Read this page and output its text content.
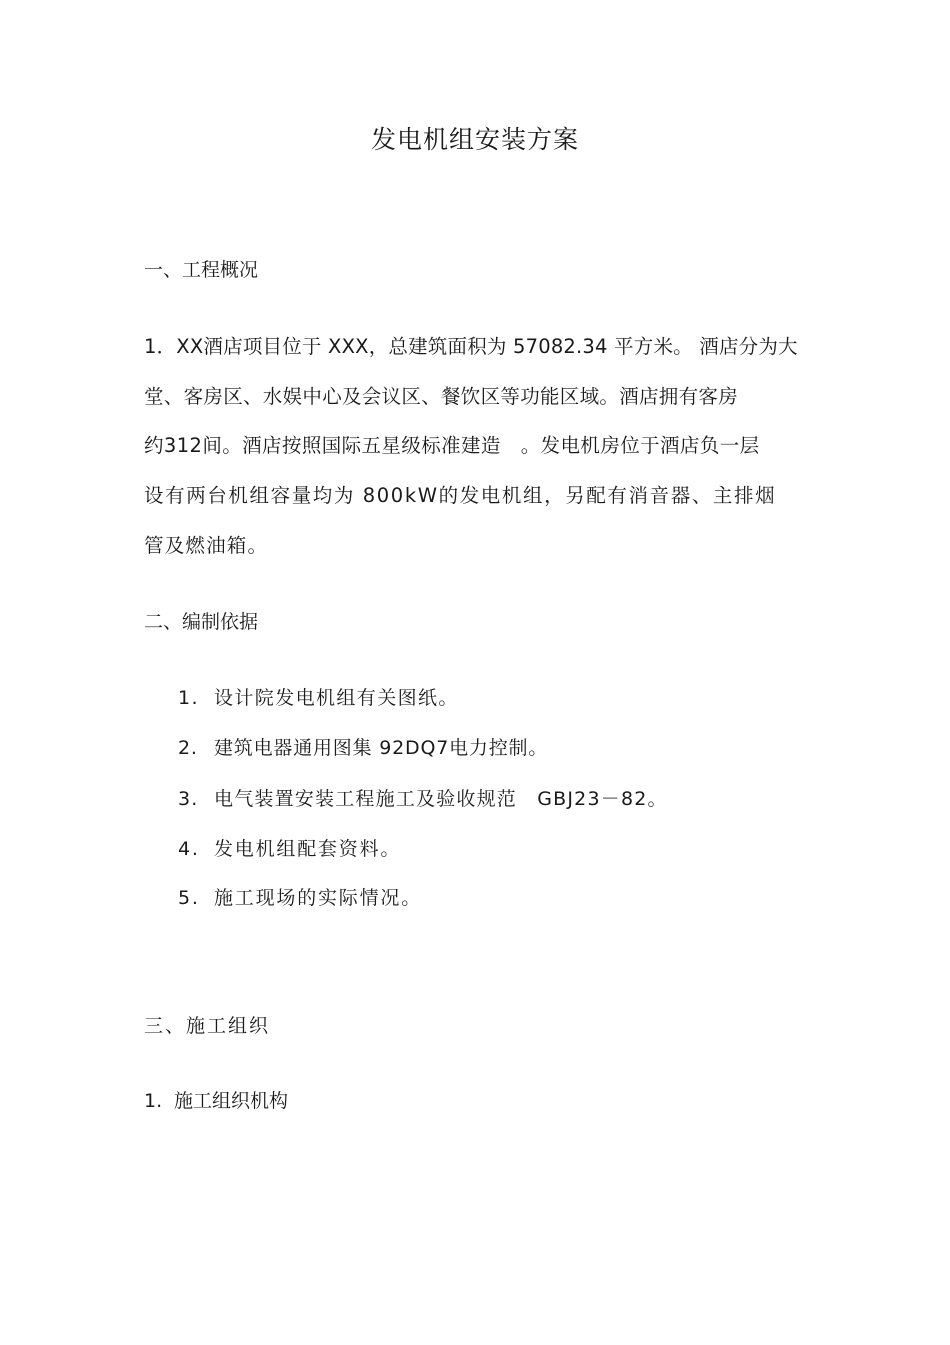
发电机组安装方案
一、工程概况
1．XX酒店项目位于 XXX，总建筑面积为 57082.34 平方米。 酒店分为大
堂、客房区、水娱中心及会议区、餐饮区等功能区域。酒店拥有客房
约312间。酒店按照国际五星级标准建造　。发电机房位于酒店负一层
设有两台机组容量均为 800kW的发电机组，另配有消音器、主排烟
管及燃油箱。
二、编制依据
1. 设计院发电机组有关图纸。
2. 建筑电器通用图集 92DQ7电力控制。
3. 电气装置安装工程施工及验收规范　GBJ23－82。
4. 发电机组配套资料。
5. 施工现场的实际情况。
三、施工组织
1. 施工组织机构
